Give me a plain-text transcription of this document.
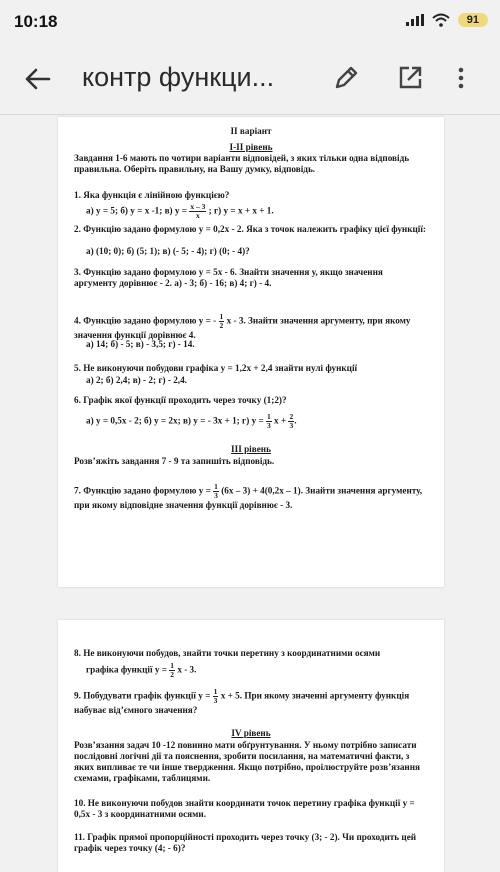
10:18	91
контр функци...
ІІ варіант
І-ІІ рівень
Завдання 1-6 мають по чотири варіанти відповідей, з яких тільки одна відповідь правильна. Оберіть правильну, на Вашу думку, відповідь.
1. Яка функція є лінійною функцією?
а) у = 5; б) у = х -1; в) $у = \frac{х - 3}{х}$ ; г) у = х + х + 1.
2. Функцію задано формулою у = 0,2х - 2. Яка з точок належить графіку цієї функції:
а) (10; 0); б) (5; 1); в) (- 5; - 4); г) (0; - 4)?
3. Функцію задано формулою у = 5х - 6. Знайти значення у, якщо значення аргументу дорівнює - 2. а) - 3; б) - 16; в) 4; г) - 4.
4. Функцію задано формулою у = - $\frac{1}{2}$ х - 3. Знайти значення аргументу, при якому значення функції дорівнює 4.
а) 14; б) - 5; в) - 3,5; г) - 14.
5. Не виконуючи побудови графіка у = 1,2х + 2,4 знайти нулі функції
а) 2; б) 2,4; в) - 2; г) - 2,4.
6. Графік якої функції проходить через точку (1;2)?
а) у = 0,5х - 2; б) у = 2х; в) у = - 3х + 1; г) $у = \frac{1}{3}$ $х + \frac{2}{3}$ .
ІІІ рівень
Розв’яжіть завдання 7 - 9 та запишіть відповідь.
7. Функцію задано формулою $у = \frac{1}{3} (6х - 3) + 4(0,2х - 1)$. Знайти значення аргументу, при якому відповідне значення функції дорівнює - 3.
8. Не виконуючи побудов, знайти точки перетину з координатними осями
графіка функції $у = \frac{1}{2}$ х - 3.
9. Побудувати графік функції $у = \frac{1}{3}$ х + 5. При якому значенні аргументу функція набуває від’ємного значення?
IV рівень
Розв’язання задач 10 -12 повинно мати обґрунтування. У ньому потрібно записати послідовні логічні дії та пояснення, зробити посилання, на математичні факти, з яких випливає те чи інше твердження. Якщо потрібно, проілюструйте розв’язання схемами, графіками, таблицями.
10. Не виконуючи побудов знайти координати точок перетину графіка функції у = 0,5х - 3 з координатними осями.
11. Графік прямої пропорційності проходить через точку (3; - 2). Чи проходить цей графік через точку (4; - 6)?
